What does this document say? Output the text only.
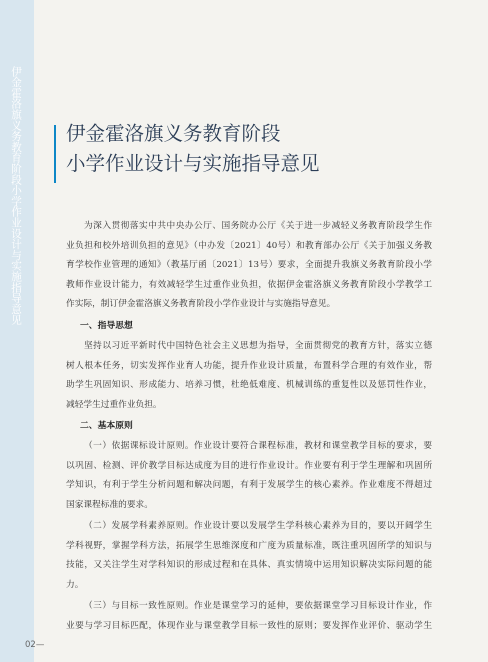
伊金霍洛旗义务教育阶段小学作业设计与实施指导意见	伊金霍洛旗义务教育阶段
小学作业设计与实施指导意见
为深入贯彻落实中共中央办公厅、国务院办公厅《关于进一步减轻义务教育阶段学生作
业负担和校外培训负担的意见》（中办发〔2021〕40号）和教育部办公厅《关于加强义务教
育学校作业管理的通知》（教基厅函〔2021〕13号）要求，全面提升我旗义务教育阶段小学
教师作业设计能力，有效减轻学生过重作业负担，依据伊金霍洛旗义务教育阶段小学教学工
作实际，制订伊金霍洛旗义务教育阶段小学作业设计与实施指导意见。
一、指导思想
坚持以习近平新时代中国特色社会主义思想为指导，全面贯彻党的教育方针，落实立德
树人根本任务，切实发挥作业育人功能，提升作业设计质量，布置科学合理的有效作业，帮
助学生巩固知识、形成能力、培养习惯，杜绝低难度、机械训练的重复性以及惩罚性作业，
减轻学生过重作业负担。
二、基本原则
（一）依据课标设计原则。作业设计要符合课程标准，教材和课堂教学目标的要求，要
以巩固、检测、评价教学目标达成度为目的进行作业设计。作业要有利于学生理解和巩固所
学知识，有利于学生分析问题和解决问题，有利于发展学生的核心素养。作业难度不得超过
国家课程标准的要求。
（二）发展学科素养原则。作业设计要以发展学生学科核心素养为目的，要以开阔学生
学科视野，掌握学科方法，拓展学生思维深度和广度为质量标准，既注重巩固所学的知识与
技能，又关注学生对学科知识的形成过程和在具体、真实情境中运用知识解决实际问题的能
力。
（三）与目标一致性原则。作业是课堂学习的延伸，要依据课堂学习目标设计作业，作
业要与学习目标匹配，体现作业与课堂教学目标一致性的原则；要发挥作业评价、驱动学生
02—
